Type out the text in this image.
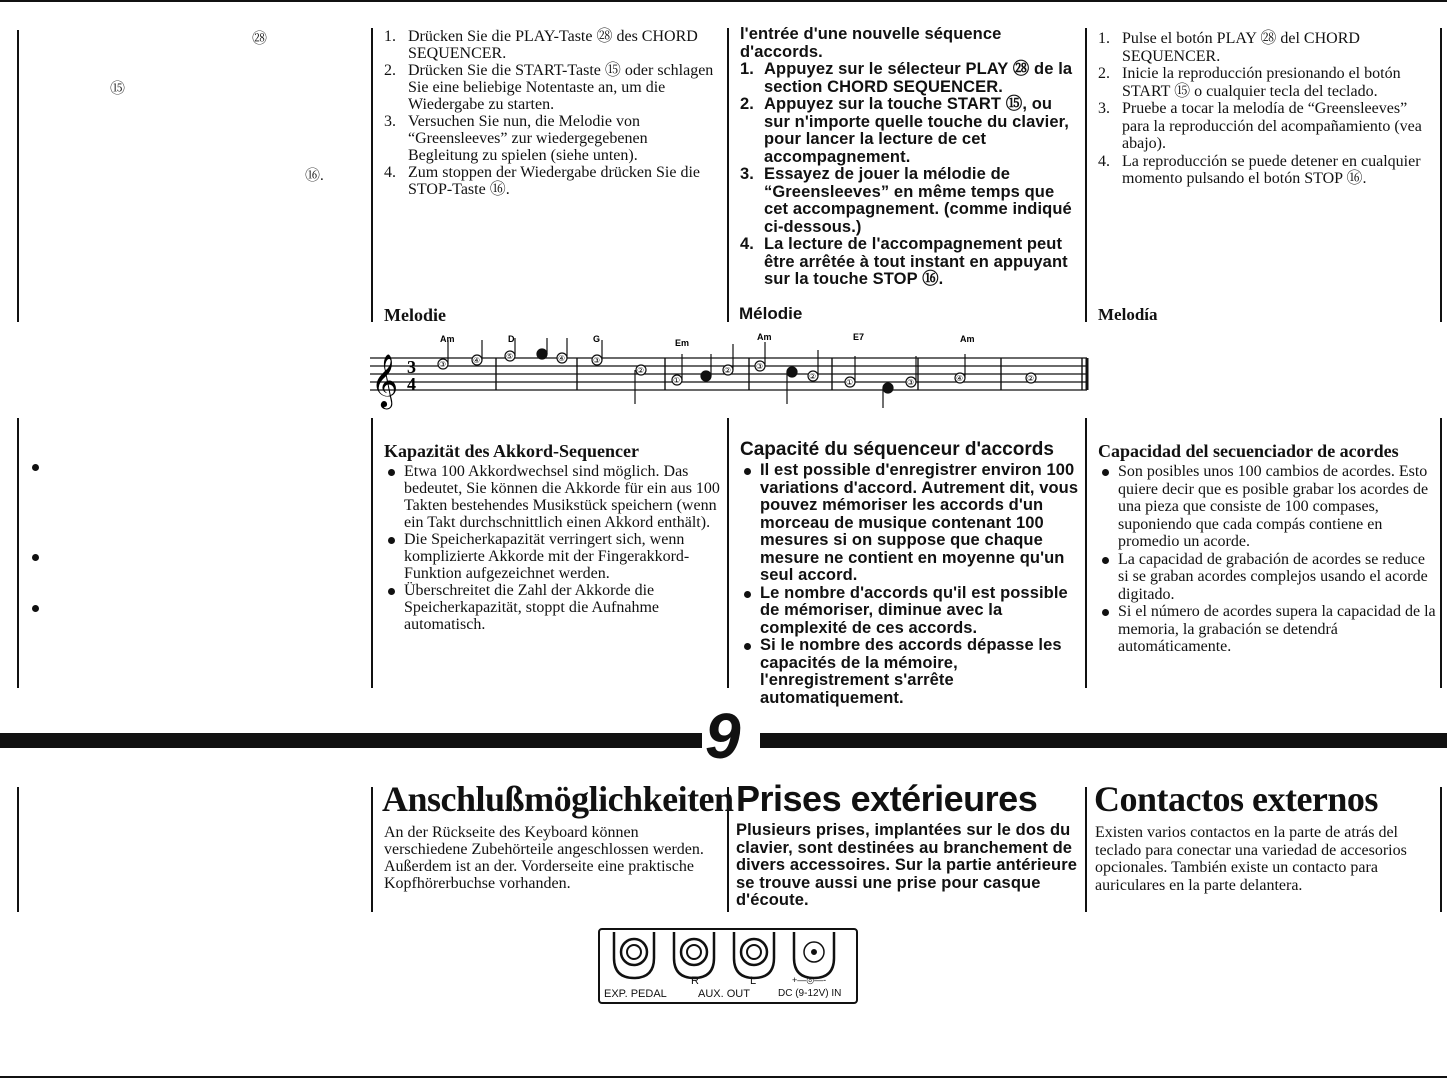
㉘
⑮
⑯.
1. Drücken Sie die PLAY-Taste ㉘ des CHORD SEQUENCER.
2. Drücken Sie die START-Taste ⑮ oder schlagen Sie eine beliebige Notentaste an, um die Wiedergabe zu starten.
3. Versuchen Sie nun, die Melodie von “Greensleeves” zur wiedergegebenen Begleitung zu spielen (siehe unten).
4. Zum stoppen der Wiedergabe drücken Sie die STOP-Taste ⑯.
l'entrée d'une nouvelle séquence d'accords.
1. Appuyez sur le sélecteur PLAY ㉘ de la section CHORD SEQUENCER.
2. Appuyez sur la touche START ⑮, ou sur n'importe quelle touche du clavier, pour lancer la lecture de cet accompagnement.
3. Essayez de jouer la mélodie de “Greensleeves” en même temps que cet accompagnement. (comme indiqué ci-dessous.)
4. La lecture de l'accompagnement peut être arrêtée à tout instant en appuyant sur la touche STOP ⑯.
1. Pulse el botón PLAY ㉘ del CHORD SEQUENCER.
2. Inicie la reproducción presionando el botón START ⑮ o cualquier tecla del teclado.
3. Pruebe a tocar la melodía de “Greensleeves” para la reproducción del acompañamiento (vea abajo).
4. La reproducción se puede detener en cualquier momento pulsando el botón STOP ⑯.
Melodie	Mélodie	Melodía
𝄞 3
4
Am	D	G	Em
Am	E7	Am
③	④	⑤	④	③
②
①
②	③
②
①	③	④	②
Kapazität des Akkord-Sequencer
Etwa 100 Akkordwechsel sind möglich. Das bedeutet, Sie können die Akkorde für ein aus 100 Takten bestehendes Musikstück speichern (wenn ein Takt durchschnittlich einen Akkord enthält).
Die Speicherkapazität verringert sich, wenn komplizierte Akkorde mit der Fingerakkord-Funktion aufgezeichnet werden.
Überschreitet die Zahl der Akkorde die Speicherkapazität, stoppt die Aufnahme automatisch.
Capacité du séquenceur d'accords
Il est possible d'enregistrer environ 100 variations d'accord. Autrement dit, vous pouvez mémoriser les accords d'un morceau de musique contenant 100 mesures si on suppose que chaque mesure ne contient en moyenne qu'un seul accord.
Le nombre d'accords qu'il est possible de mémoriser, diminue avec la complexité de ces accords.
Si le nombre des accords dépasse les capacités de la mémoire, l'enregistrement s'arrête automatiquement.
Capacidad del secuenciador de acordes
Son posibles unos 100 cambios de acordes. Esto quiere decir que es posible grabar los acordes de una pieza que consiste de 100 compases, suponiendo que cada compás contiene en promedio un acorde.
La capacidad de grabación de acordes se reduce si se graban acordes complejos usando el acorde digitado.
Si el número de acordes supera la capacidad de la memoria, la grabación se detendrá automáticamente.
9
Anschlußmöglichkeiten Prises extérieures Contactos externos
An der Rückseite des Keyboard können verschiedene Zubehörteile angeschlossen werden. Außerdem ist an der. Vorderseite eine praktische Kopfhörerbuchse vorhanden.
Plusieurs prises, implantées sur le dos du clavier, sont destinées au branchement de divers accessoires. Sur la partie antérieure se trouve aussi une prise pour casque d'écoute.
Existen varios contactos en la parte de atrás del teclado para conectar una variedad de accesorios opcionales. También existe un contacto para auriculares en la parte delantera.
R	L	+—◎—-
EXP. PEDAL	AUX. OUT	DC (9-12V) IN
